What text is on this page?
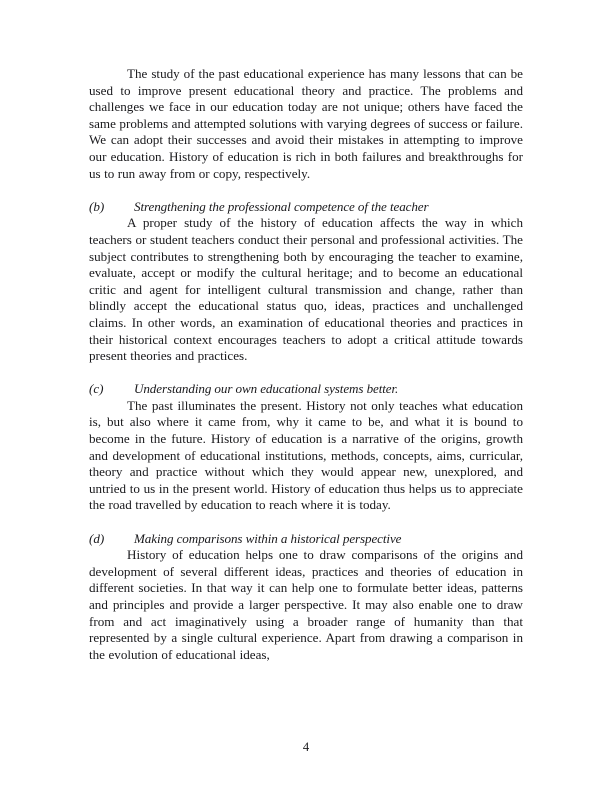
The study of the past educational experience has many lessons that can be used to improve present educational theory and practice. The problems and challenges we face in our education today are not unique; others have faced the same problems and attempted solutions with varying degrees of success or failure. We can adopt their successes and avoid their mistakes in attempting to improve our education. History of education is rich in both failures and breakthroughs for us to run away from or copy, respectively.

(b) Strengthening the professional competence of the teacher

A proper study of the history of education affects the way in which teachers or student teachers conduct their personal and professional activities. The subject contributes to strengthening both by encouraging the teacher to examine, evaluate, accept or modify the cultural heritage; and to become an educational critic and agent for intelligent cultural transmission and change, rather than blindly accept the educational status quo, ideas, practices and unchallenged claims. In other words, an examination of educational theories and practices in their historical context encourages teachers to adopt a critical attitude towards present theories and practices.

(c) Understanding our own educational systems better.

The past illuminates the present. History not only teaches what education is, but also where it came from, why it came to be, and what it is bound to become in the future. History of education is a narrative of the origins, growth and development of educational institutions, methods, concepts, aims, curricular, theory and practice without which they would appear new, unexplored, and untried to us in the present world. History of education thus helps us to appreciate the road travelled by education to reach where it is today.

(d) Making comparisons within a historical perspective

History of education helps one to draw comparisons of the origins and development of several different ideas, practices and theories of education in different societies. In that way it can help one to formulate better ideas, patterns and principles and provide a larger perspective. It may also enable one to draw from and act imaginatively using a broader range of humanity than that represented by a single cultural experience. Apart from drawing a comparison in the evolution of educational ideas,

4
